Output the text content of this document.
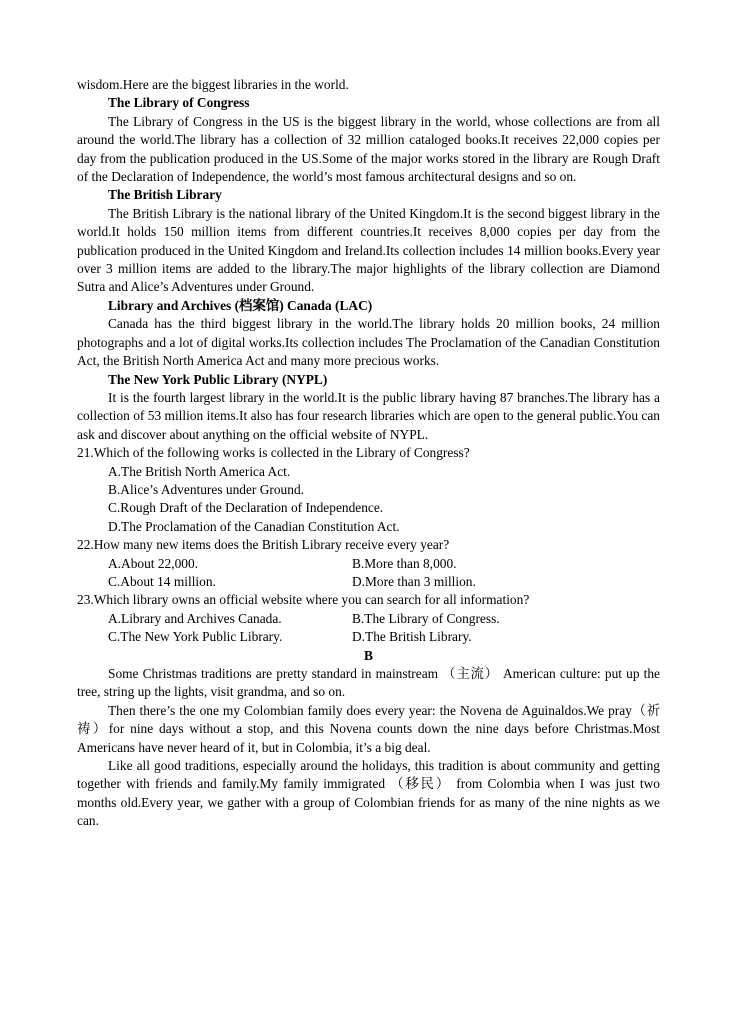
wisdom.Here are the biggest libraries in the world.

The Library of Congress

The Library of Congress in the US is the biggest library in the world, whose collections are from all around the world.The library has a collection of 32 million cataloged books.It receives 22,000 copies per day from the publication produced in the US.Some of the major works stored in the library are Rough Draft of the Declaration of Independence, the world’s most famous architectural designs and so on.

The British Library

The British Library is the national library of the United Kingdom.It is the second biggest library in the world.It holds 150 million items from different countries.It receives 8,000 copies per day from the publication produced in the United Kingdom and Ireland.Its collection includes 14 million books.Every year over 3 million items are added to the library.The major highlights of the library collection are Diamond Sutra and Alice’s Adventures under Ground.

Library and Archives (档案馆) Canada (LAC)

Canada has the third biggest library in the world.The library holds 20 million books, 24 million photographs and a lot of digital works.Its collection includes The Proclamation of the Canadian Constitution Act, the British North America Act and many more precious works.

The New York Public Library (NYPL)

It is the fourth largest library in the world.It is the public library having 87 branches.The library has a collection of 53 million items.It also has four research libraries which are open to the general public.You can ask and discover about anything on the official website of NYPL.

21.Which of the following works is collected in the Library of Congress?

A.The British North America Act.

B.Alice’s Adventures under Ground.

C.Rough Draft of the Declaration of Independence.

D.The Proclamation of the Canadian Constitution Act.

22.How many new items does the British Library receive every year?

A.About 22,000.	B.More than 8,000.
C.About 14 million.	D.More than 3 million.

23.Which library owns an official website where you can search for all information?

A.Library and Archives Canada.	B.The Library of Congress.
C.The New York Public Library.	D.The British Library.

B

Some Christmas traditions are pretty standard in mainstream （主流） American culture: put up the tree, string up the lights, visit grandma, and so on.

Then there’s the one my Colombian family does every year: the Novena de Aguinaldos.We pray（祈祷）for nine days without a stop, and this Novena counts down the nine days before Christmas.Most Americans have never heard of it, but in Colombia, it’s a big deal.

Like all good traditions, especially around the holidays, this tradition is about community and getting together with friends and family.My family immigrated （移民） from Colombia when I was just two months old.Every year, we gather with a group of Colombian friends for as many of the nine nights as we can.
